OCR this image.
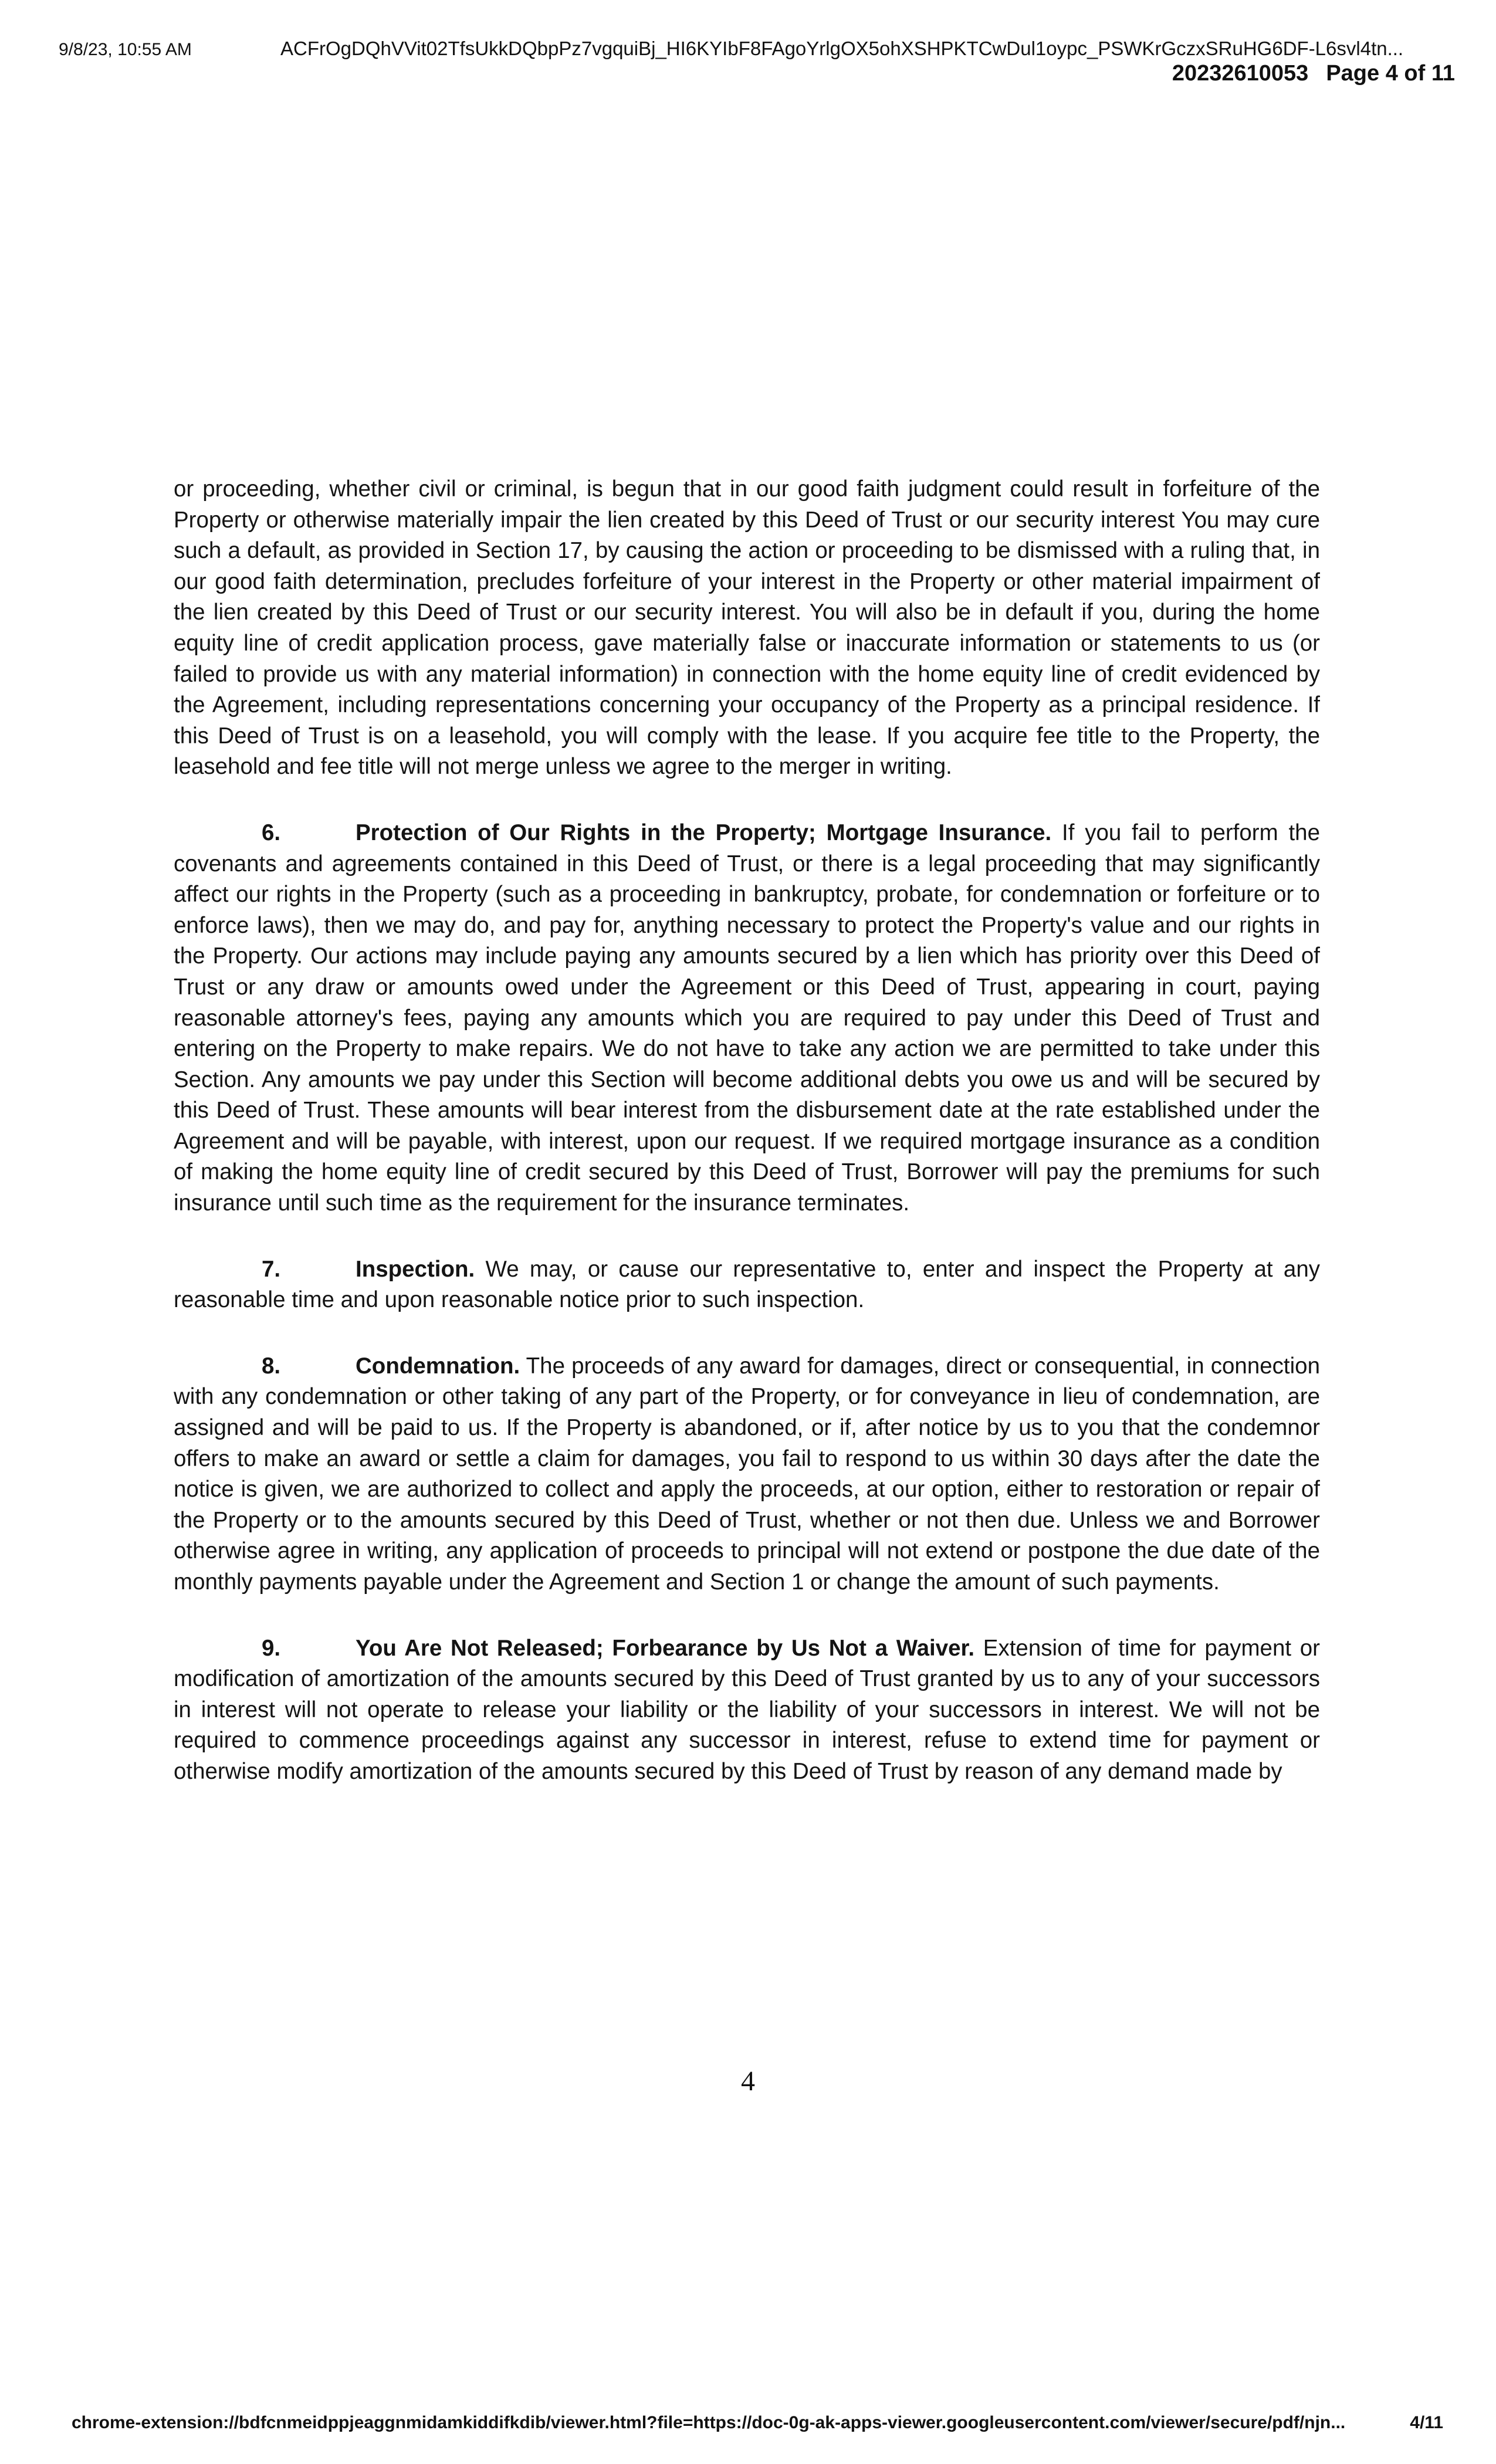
9/8/23, 10:55 AM	ACFrOgDQhVVit02TfsUkkDQbpPz7vgquiBj_HI6KYIbF8FAgoYrlgOX5ohXSHPKTCwDul1oypc_PSWKrGczxSRuHG6DF-L6svl4tn...
20232610053 Page 4 of 11

or proceeding, whether civil or criminal, is begun that in our good faith judgment could result in forfeiture of the Property or otherwise materially impair the lien created by this Deed of Trust or our security interest You may cure such a default, as provided in Section 17, by causing the action or proceeding to be dismissed with a ruling that, in our good faith determination, precludes forfeiture of your interest in the Property or other material impairment of the lien created by this Deed of Trust or our security interest. You will also be in default if you, during the home equity line of credit application process, gave materially false or inaccurate information or statements to us (or failed to provide us with any material information) in connection with the home equity line of credit evidenced by the Agreement, including representations concerning your occupancy of the Property as a principal residence. If this Deed of Trust is on a leasehold, you will comply with the lease. If you acquire fee title to the Property, the leasehold and fee title will not merge unless we agree to the merger in writing.

6.	Protection of Our Rights in the Property; Mortgage Insurance. If you fail to perform the covenants and agreements contained in this Deed of Trust, or there is a legal proceeding that may significantly affect our rights in the Property (such as a proceeding in bankruptcy, probate, for condemnation or forfeiture or to enforce laws), then we may do, and pay for, anything necessary to protect the Property's value and our rights in the Property. Our actions may include paying any amounts secured by a lien which has priority over this Deed of Trust or any draw or amounts owed under the Agreement or this Deed of Trust, appearing in court, paying reasonable attorney's fees, paying any amounts which you are required to pay under this Deed of Trust and entering on the Property to make repairs. We do not have to take any action we are permitted to take under this Section. Any amounts we pay under this Section will become additional debts you owe us and will be secured by this Deed of Trust. These amounts will bear interest from the disbursement date at the rate established under the Agreement and will be payable, with interest, upon our request. If we required mortgage insurance as a condition of making the home equity line of credit secured by this Deed of Trust, Borrower will pay the premiums for such insurance until such time as the requirement for the insurance terminates.

7.	Inspection. We may, or cause our representative to, enter and inspect the Property at any reasonable time and upon reasonable notice prior to such inspection.

8.	Condemnation. The proceeds of any award for damages, direct or consequential, in connection with any condemnation or other taking of any part of the Property, or for conveyance in lieu of condemnation, are assigned and will be paid to us. If the Property is abandoned, or if, after notice by us to you that the condemnor offers to make an award or settle a claim for damages, you fail to respond to us within 30 days after the date the notice is given, we are authorized to collect and apply the proceeds, at our option, either to restoration or repair of the Property or to the amounts secured by this Deed of Trust, whether or not then due. Unless we and Borrower otherwise agree in writing, any application of proceeds to principal will not extend or postpone the due date of the monthly payments payable under the Agreement and Section 1 or change the amount of such payments.

9.	You Are Not Released; Forbearance by Us Not a Waiver. Extension of time for payment or modification of amortization of the amounts secured by this Deed of Trust granted by us to any of your successors in interest will not operate to release your liability or the liability of your successors in interest. We will not be required to commence proceedings against any successor in interest, refuse to extend time for payment or otherwise modify amortization of the amounts secured by this Deed of Trust by reason of any demand made by

4
chrome-extension://bdfcnmeidppjeaggnmidamkiddifkdib/viewer.html?file=https://doc-0g-ak-apps-viewer.googleusercontent.com/viewer/secure/pdf/njn...	4/11
